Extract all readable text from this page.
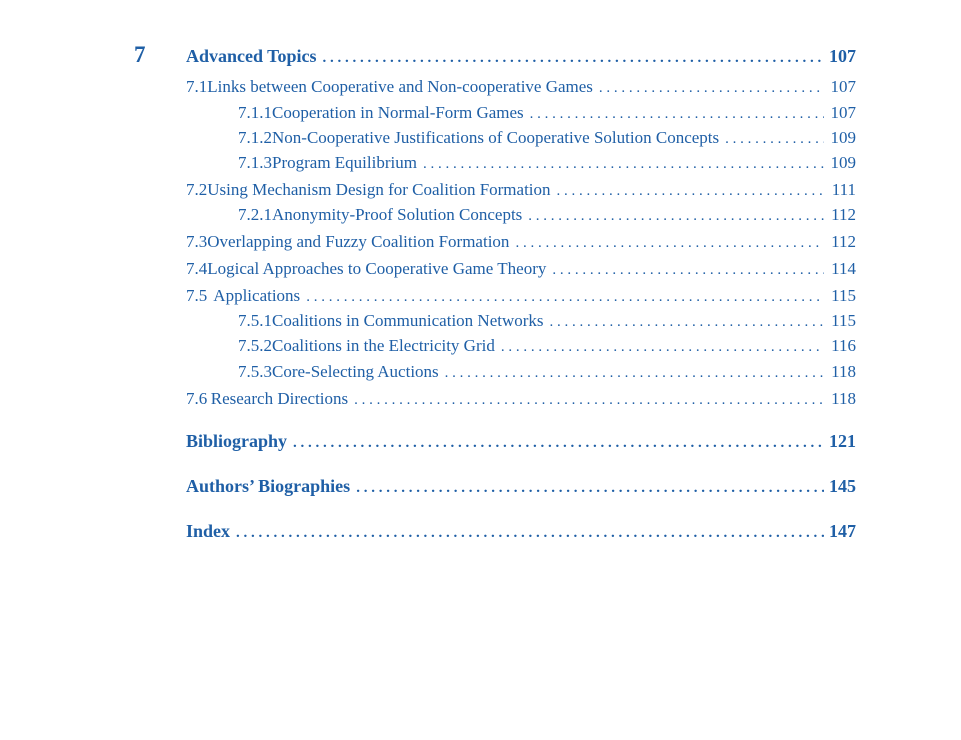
7 Advanced Topics . . .	107
7.1 Links between Cooperative and Non-cooperative Games . . .	107
7.1.1 Cooperation in Normal-Form Games . . .	107
7.1.2 Non-Cooperative Justifications of Cooperative Solution Concepts . . .	109
7.1.3 Program Equilibrium . . .	109
7.2 Using Mechanism Design for Coalition Formation . . .	111
7.2.1 Anonymity-Proof Solution Concepts . . .	112
7.3 Overlapping and Fuzzy Coalition Formation . . .	112
7.4 Logical Approaches to Cooperative Game Theory . . .	114
7.5 Applications . . .	115
7.5.1 Coalitions in Communication Networks . . .	115
7.5.2 Coalitions in the Electricity Grid . . .	116
7.5.3 Core-Selecting Auctions . . .	118
7.6 Research Directions . . .	118
Bibliography . . .	121
Authors’ Biographies . . .	145
Index . . .	147
